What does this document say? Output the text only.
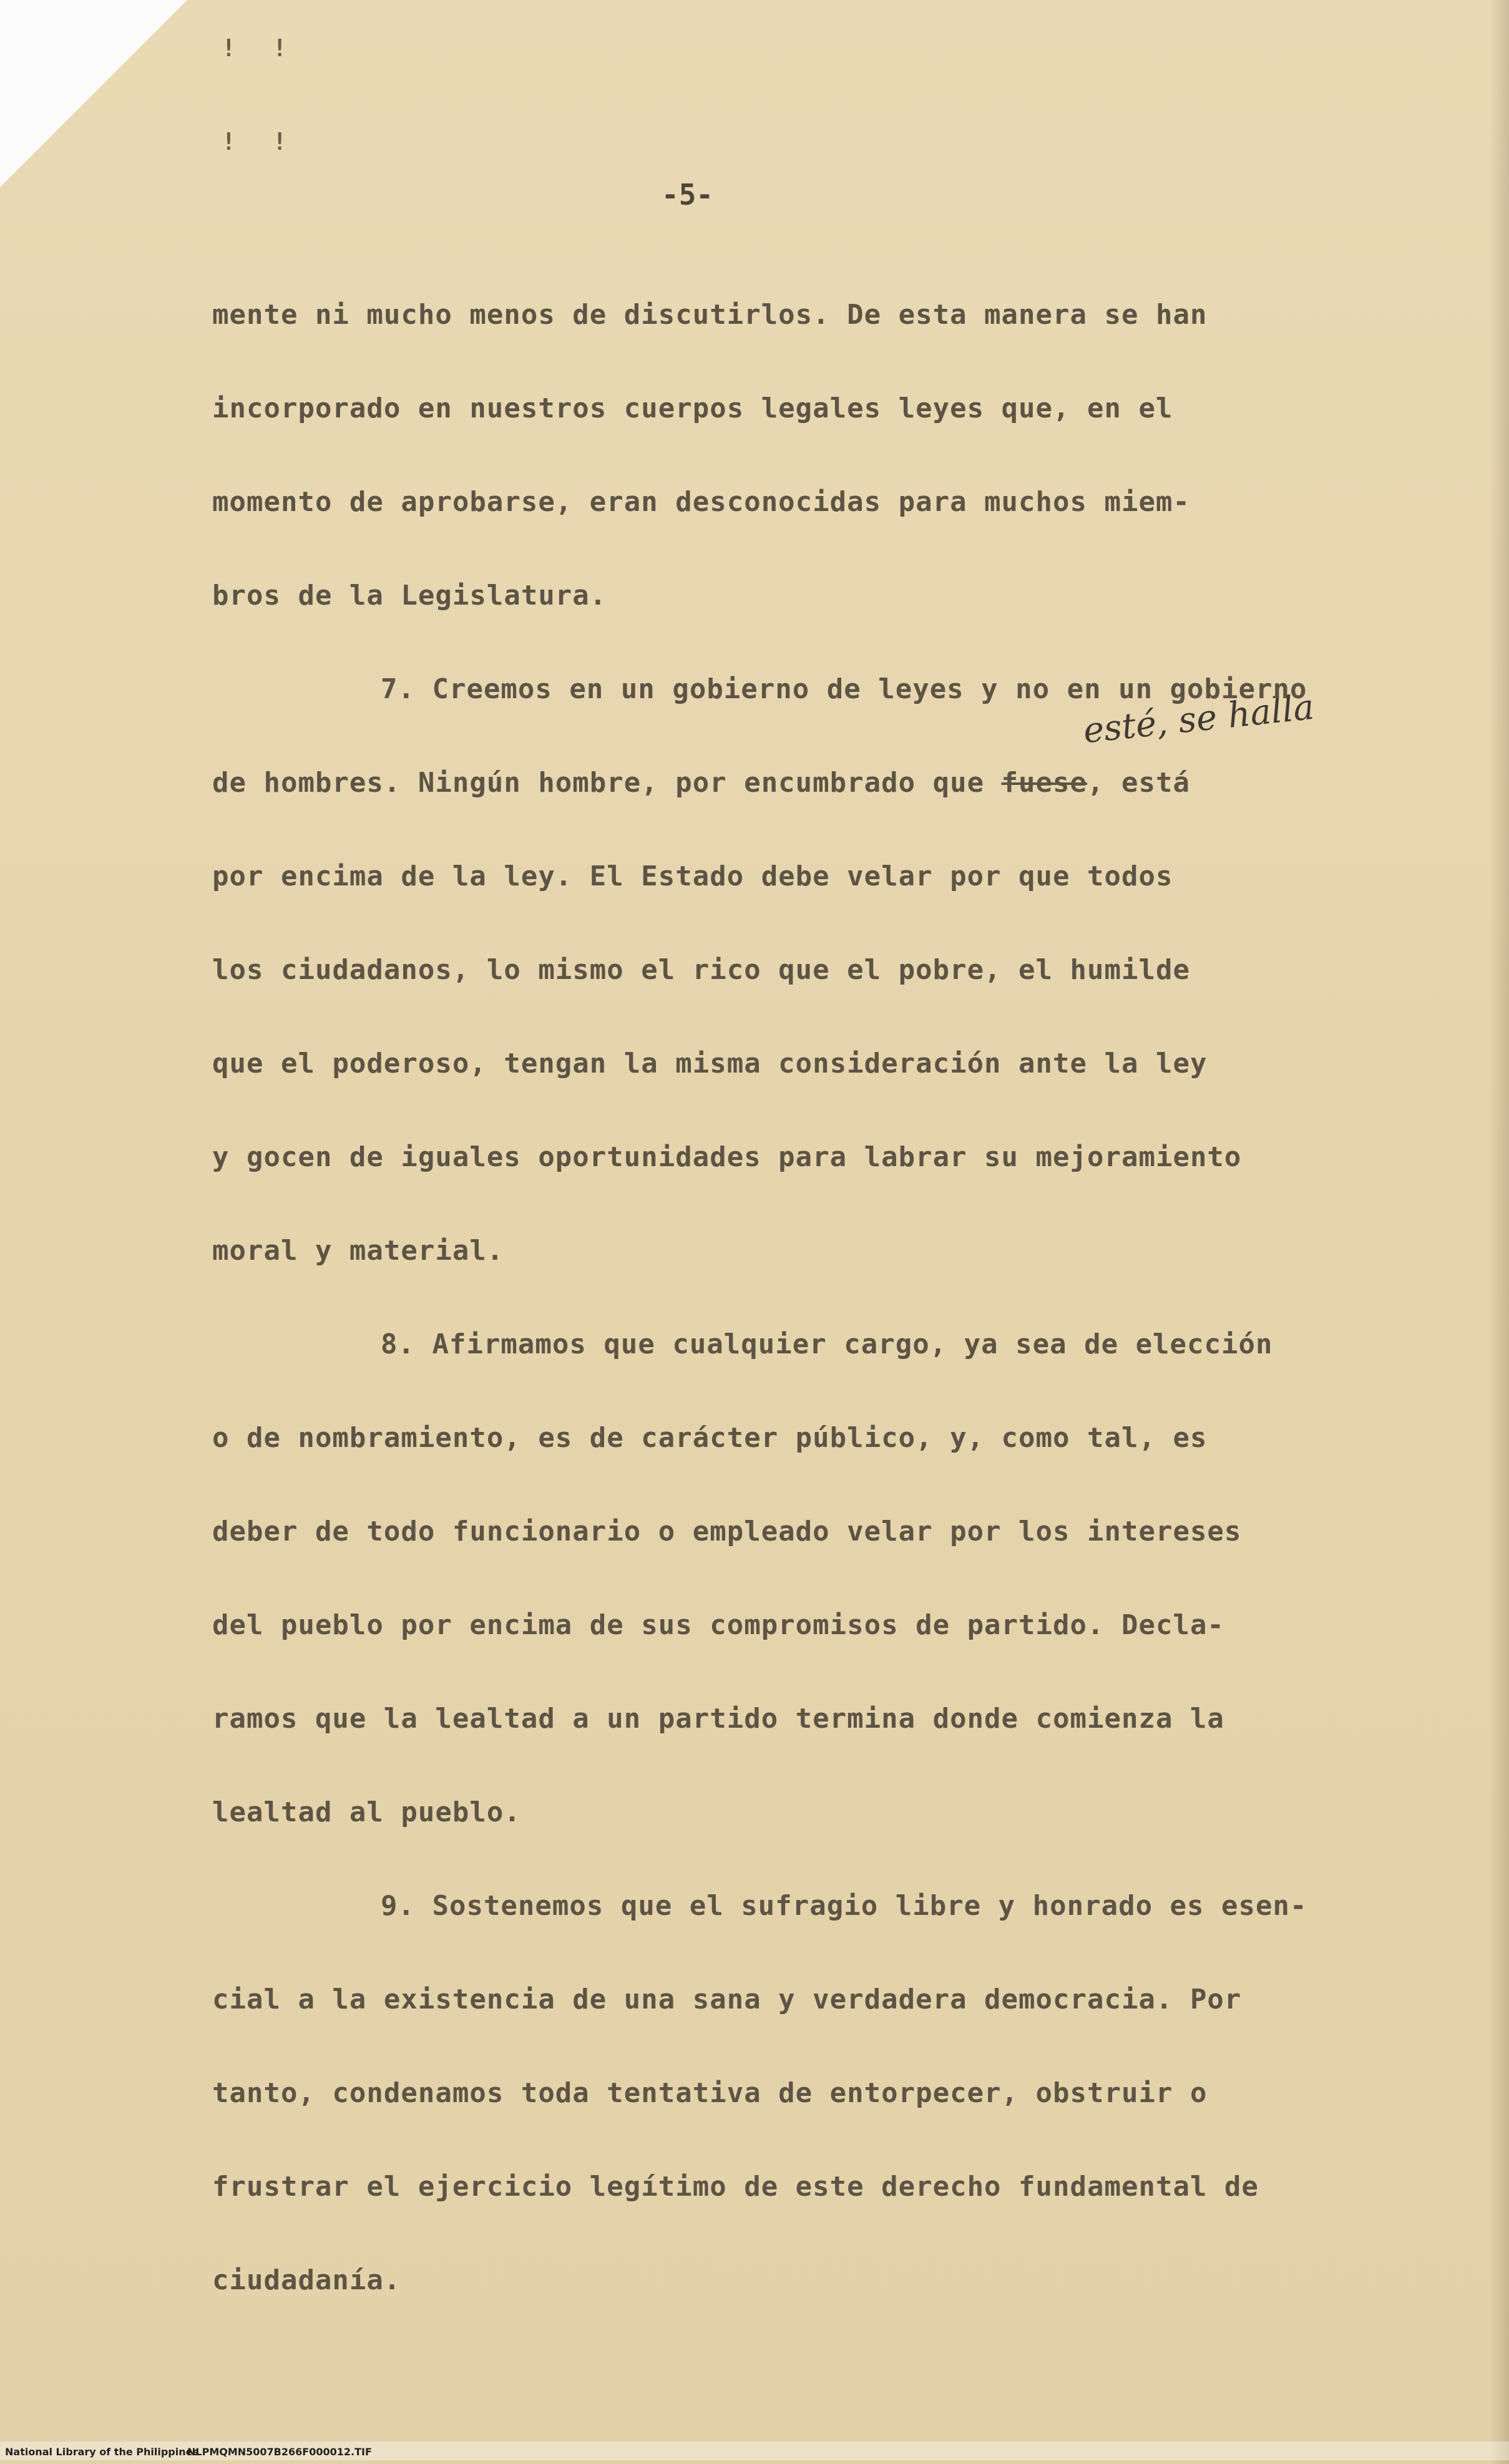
! !
! !
-5-
esté, se halla
mente ni mucho menos de discutirlos. De esta manera se han
incorporado en nuestros cuerpos legales leyes que, en el
momento de aprobarse, eran desconocidas para muchos miem-
bros de la Legislatura.
7. Creemos en un gobierno de leyes y no en un gobierno
de hombres. Ningún hombre, por encumbrado que fuese, está
por encima de la ley. El Estado debe velar por que todos
los ciudadanos, lo mismo el rico que el pobre, el humilde
que el poderoso, tengan la misma consideración ante la ley
y gocen de iguales oportunidades para labrar su mejoramiento
moral y material.
8. Afirmamos que cualquier cargo, ya sea de elección
o de nombramiento, es de carácter público, y, como tal, es
deber de todo funcionario o empleado velar por los intereses
del pueblo por encima de sus compromisos de partido. Decla-
ramos que la lealtad a un partido termina donde comienza la
lealtad al pueblo.
9. Sostenemos que el sufragio libre y honrado es esen-
cial a la existencia de una sana y verdadera democracia. Por
tanto, condenamos toda tentativa de entorpecer, obstruir o
frustrar el ejercicio legítimo de este derecho fundamental de
ciudadanía.
National Library of the Philippines
NLPMQMN5007B266F000012.TIF
